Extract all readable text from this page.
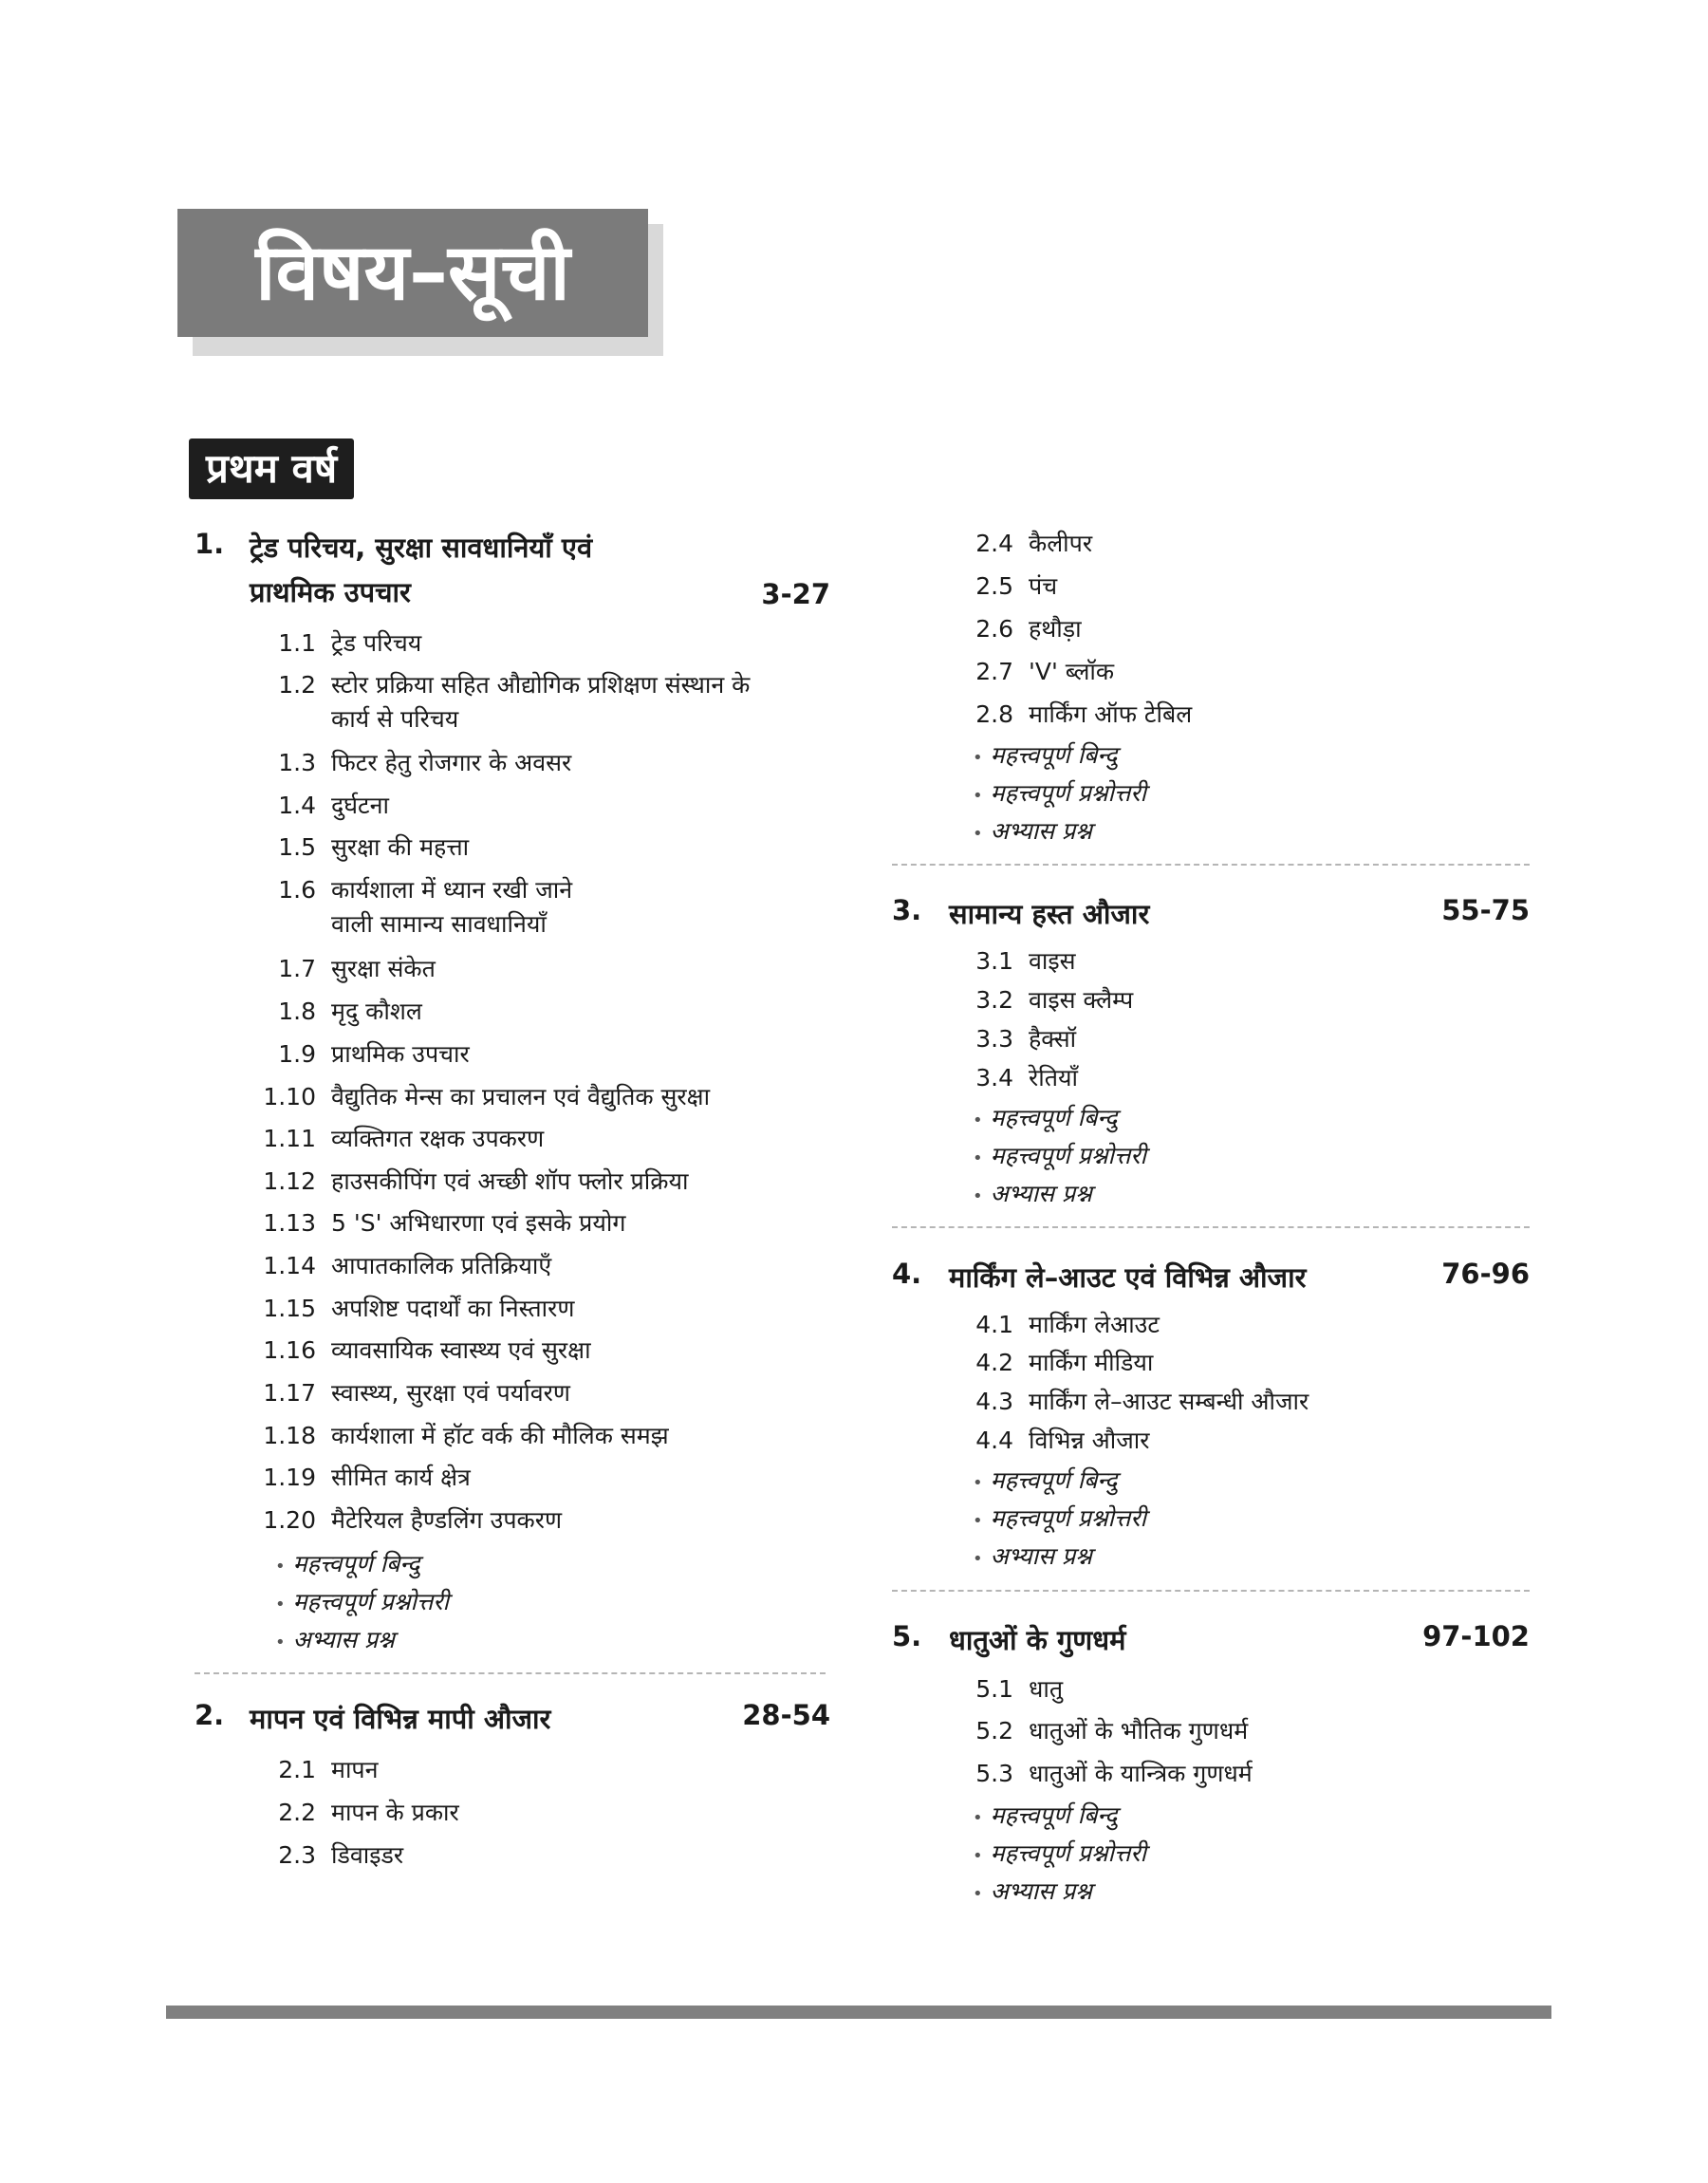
विषय–सूची
प्रथम वर्ष
1. ट्रेड परिचय, सुरक्षा सावधानियाँ एवं
प्राथमिक उपचार	3-27
1.1 ट्रेड परिचय
1.2 स्टोर प्रक्रिया सहित औद्योगिक प्रशिक्षण संस्थान के
कार्य से परिचय
1.3 फिटर हेतु रोजगार के अवसर
1.4 दुर्घटना
1.5 सुरक्षा की महत्ता
1.6 कार्यशाला में ध्यान रखी जाने
वाली सामान्य सावधानियाँ
1.7 सुरक्षा संकेत
1.8 मृदु कौशल
1.9 प्राथमिक उपचार
1.10 वैद्युतिक मेन्स का प्रचालन एवं वैद्युतिक सुरक्षा
1.11 व्यक्तिगत रक्षक उपकरण
1.12 हाउसकीपिंग एवं अच्छी शॉप फ्लोर प्रक्रिया
1.13 5 'S' अभिधारणा एवं इसके प्रयोग
1.14 आपातकालिक प्रतिक्रियाएँ
1.15 अपशिष्ट पदार्थों का निस्तारण
1.16 व्यावसायिक स्वास्थ्य एवं सुरक्षा
1.17 स्वास्थ्य, सुरक्षा एवं पर्यावरण
1.18 कार्यशाला में हॉट वर्क की मौलिक समझ
1.19 सीमित कार्य क्षेत्र
1.20 मैटेरियल हैण्डलिंग उपकरण
• महत्त्वपूर्ण बिन्दु
• महत्त्वपूर्ण प्रश्नोत्तरी
• अभ्यास प्रश्न
2. मापन एवं विभिन्न मापी औजार	28-54
2.1 मापन
2.2 मापन के प्रकार
2.3 डिवाइडर
2.4 कैलीपर
2.5 पंच
2.6 हथौड़ा
2.7 'V' ब्लॉक
2.8 मार्किंग ऑफ टेबिल
• महत्त्वपूर्ण बिन्दु
• महत्त्वपूर्ण प्रश्नोत्तरी
• अभ्यास प्रश्न
3. सामान्य हस्त औजार	55-75
3.1 वाइस
3.2 वाइस क्लैम्प
3.3 हैक्सॉ
3.4 रेतियाँ
• महत्त्वपूर्ण बिन्दु
• महत्त्वपूर्ण प्रश्नोत्तरी
• अभ्यास प्रश्न
4. मार्किंग ले–आउट एवं विभिन्न औजार	76-96
4.1 मार्किंग लेआउट
4.2 मार्किंग मीडिया
4.3 मार्किंग ले–आउट सम्बन्धी औजार
4.4 विभिन्न औजार
• महत्त्वपूर्ण बिन्दु
• महत्त्वपूर्ण प्रश्नोत्तरी
• अभ्यास प्रश्न
5. धातुओं के गुणधर्म	97-102
5.1 धातु
5.2 धातुओं के भौतिक गुणधर्म
5.3 धातुओं के यान्त्रिक गुणधर्म
• महत्त्वपूर्ण बिन्दु
• महत्त्वपूर्ण प्रश्नोत्तरी
• अभ्यास प्रश्न
